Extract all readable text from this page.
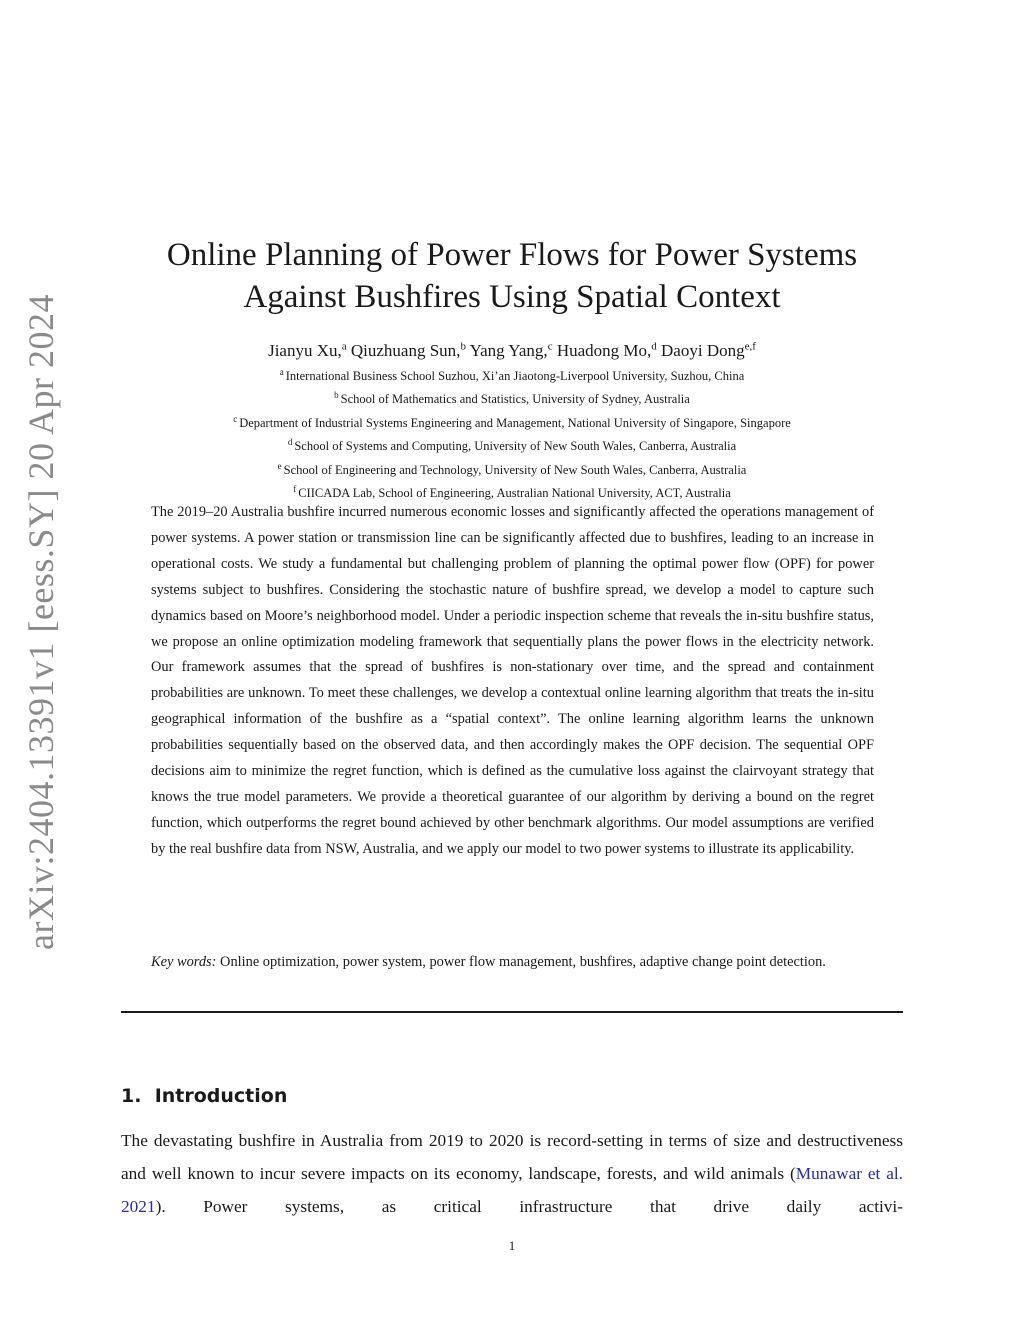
arXiv:2404.13391v1 [eess.SY] 20 Apr 2024
Online Planning of Power Flows for Power Systems
Against Bushfires Using Spatial Context
Jianyu Xu,$^a$ Qiuzhuang Sun,$^b$ Yang Yang,$^c$ Huadong Mo,$^d$ Daoyi Dong$^{e,f}$
$^a$ International Business School Suzhou, Xi’an Jiaotong-Liverpool University, Suzhou, China
$^b$ School of Mathematics and Statistics, University of Sydney, Australia
$^c$ Department of Industrial Systems Engineering and Management, National University of Singapore, Singapore
$^d$ School of Systems and Computing, University of New South Wales, Canberra, Australia
$^e$ School of Engineering and Technology, University of New South Wales, Canberra, Australia
$^f$ CIICADA Lab, School of Engineering, Australian National University, ACT, Australia

The 2019–20 Australia bushfire incurred numerous economic losses and significantly affected the operations management of power systems. A power station or transmission line can be significantly affected due to bushfires, leading to an increase in operational costs. We study a fundamental but challenging problem of planning the optimal power flow (OPF) for power systems subject to bushfires. Considering the stochastic nature of bushfire spread, we develop a model to capture such dynamics based on Moore’s neighborhood model. Under a periodic inspection scheme that reveals the in-situ bushfire status, we propose an online optimization modeling framework that sequentially plans the power flows in the electricity network. Our framework assumes that the spread of bushfires is non-stationary over time, and the spread and containment probabilities are unknown. To meet these challenges, we develop a contextual online learning algorithm that treats the in-situ geographical information of the bushfire as a “spatial context”. The online learning algorithm learns the unknown probabilities sequentially based on the observed data, and then accordingly makes the OPF decision. The sequential OPF decisions aim to minimize the regret function, which is defined as the cumulative loss against the clairvoyant strategy that knows the true model parameters. We provide a theoretical guarantee of our algorithm by deriving a bound on the regret function, which outperforms the regret bound achieved by other benchmark algorithms. Our model assumptions are verified by the real bushfire data from NSW, Australia, and we apply our model to two power systems to illustrate its applicability.

Key words: Online optimization, power system, power flow management, bushfires, adaptive change point detection.

1. Introduction

The devastating bushfire in Australia from 2019 to 2020 is record-setting in terms of size and destructiveness and well known to incur severe impacts on its economy, landscape, forests, and wild animals (Munawar et al. 2021). Power systems, as critical infrastructure that drive daily activi-

1
